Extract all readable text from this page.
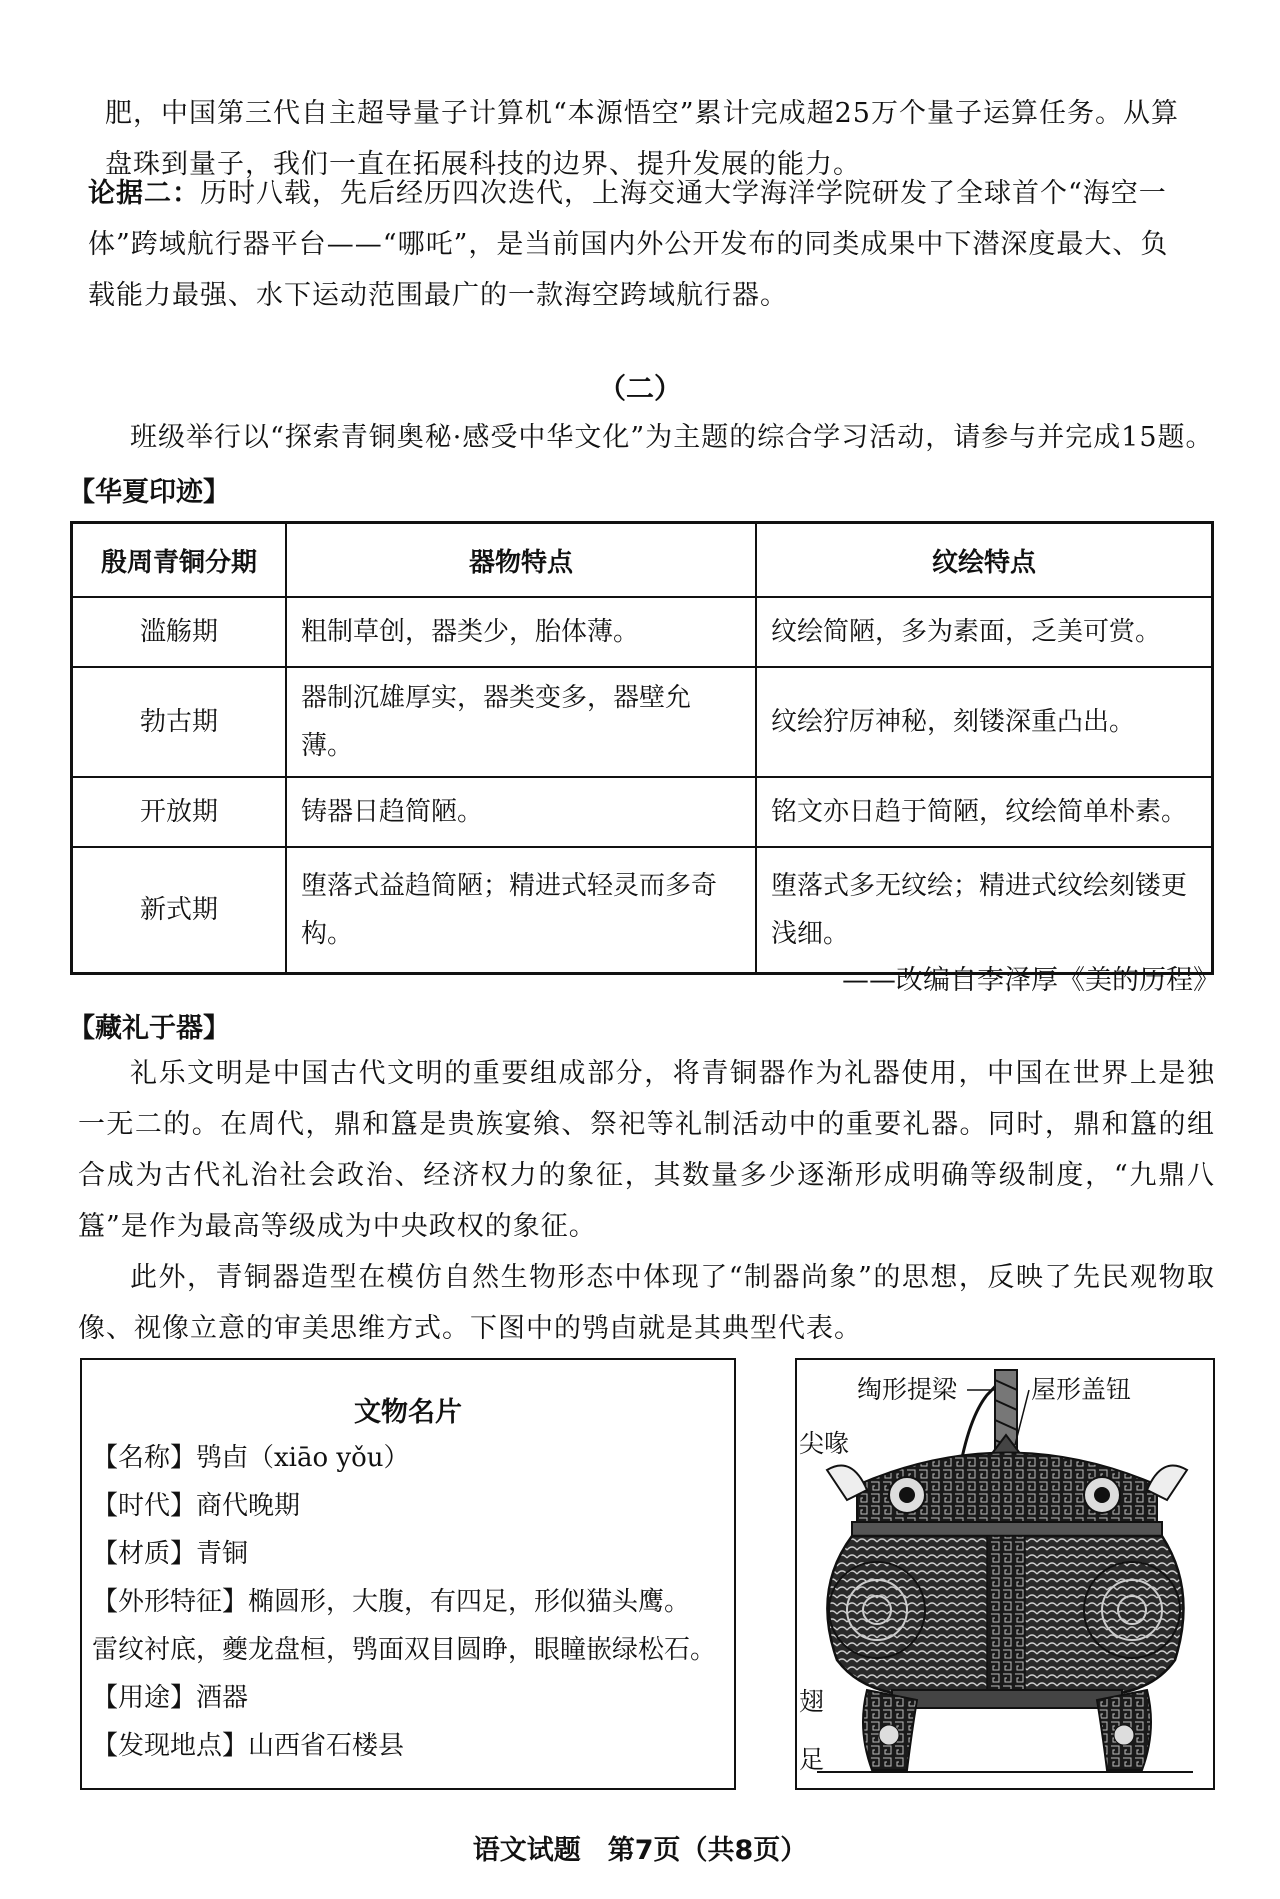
肥，中国第三代自主超导量子计算机“本源悟空”累计完成超25万个量子运算任务。从算
盘珠到量子，我们一直在拓展科技的边界、提升发展的能力。
论据二：历时八载，先后经历四次迭代，上海交通大学海洋学院研发了全球首个“海空一
体”跨域航行器平台——“哪吒”，是当前国内外公开发布的同类成果中下潜深度最大、负
载能力最强、水下运动范围最广的一款海空跨域航行器。
（二）
班级举行以“探索青铜奥秘·感受中华文化”为主题的综合学习活动，请参与并完成15题。
【华夏印迹】
殷周青铜分期	器物特点	纹绘特点
滥觞期	粗制草创，器类少，胎体薄。	纹绘简陋，多为素面，乏美可赏。
勃古期	器制沉雄厚实，器类变多，器壁允薄。	纹绘狞厉神秘，刻镂深重凸出。
开放期	铸器日趋简陋。	铭文亦日趋于简陋，纹绘简单朴素。
新式期	堕落式益趋简陋；精进式轻灵而多奇构。	堕落式多无纹绘；精进式纹绘刻镂更浅细。
——改编自李泽厚《美的历程》
【藏礼于器】
礼乐文明是中国古代文明的重要组成部分，将青铜器作为礼器使用，中国在世界上是独一无二的。在周代，鼎和簋是贵族宴飨、祭祀等礼制活动中的重要礼器。同时，鼎和簋的组合成为古代礼治社会政治、经济权力的象征，其数量多少逐渐形成明确等级制度，“九鼎八簋”是作为最高等级成为中央政权的象征。
此外，青铜器造型在模仿自然生物形态中体现了“制器尚象”的思想，反映了先民观物取像、视像立意的审美思维方式。下图中的鸮卣就是其典型代表。
文物名片
【名称】鸮卣（xiāo yǒu）
【时代】商代晚期
【材质】青铜
【外形特征】椭圆形，大腹，有四足，形似猫头鹰。
雷纹衬底，夔龙盘桓，鸮面双目圆睁，眼瞳嵌绿松石。
【用途】酒器
【发现地点】山西省石楼县
绹形提梁	屋形盖钮
尖喙
翅
足
语文试题　第7页（共8页）
